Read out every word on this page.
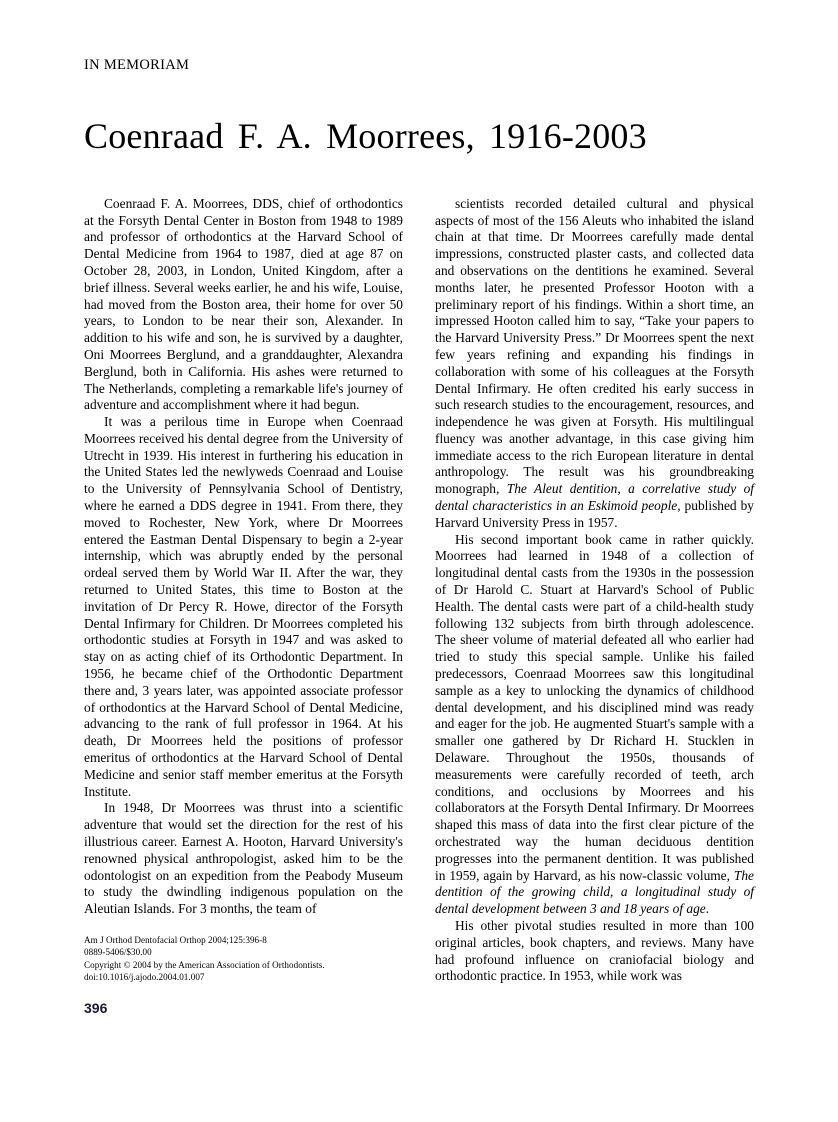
IN MEMORIAM
Coenraad F. A. Moorrees, 1916-2003

Coenraad F. A. Moorrees, DDS, chief of orthodontics at the Forsyth Dental Center in Boston from 1948 to 1989 and professor of orthodontics at the Harvard School of Dental Medicine from 1964 to 1987, died at age 87 on October 28, 2003, in London, United Kingdom, after a brief illness. Several weeks earlier, he and his wife, Louise, had moved from the Boston area, their home for over 50 years, to London to be near their son, Alexander. In addition to his wife and son, he is survived by a daughter, Oni Moorrees Berglund, and a granddaughter, Alexandra Berglund, both in California. His ashes were returned to The Netherlands, completing a remarkable life's journey of adventure and accomplishment where it had begun.

It was a perilous time in Europe when Coenraad Moorrees received his dental degree from the University of Utrecht in 1939. His interest in furthering his education in the United States led the newlyweds Coenraad and Louise to the University of Pennsylvania School of Dentistry, where he earned a DDS degree in 1941. From there, they moved to Rochester, New York, where Dr Moorrees entered the Eastman Dental Dispensary to begin a 2-year internship, which was abruptly ended by the personal ordeal served them by World War II. After the war, they returned to United States, this time to Boston at the invitation of Dr Percy R. Howe, director of the Forsyth Dental Infirmary for Children. Dr Moorrees completed his orthodontic studies at Forsyth in 1947 and was asked to stay on as acting chief of its Orthodontic Department. In 1956, he became chief of the Orthodontic Department there and, 3 years later, was appointed associate professor of orthodontics at the Harvard School of Dental Medicine, advancing to the rank of full professor in 1964. At his death, Dr Moorrees held the positions of professor emeritus of orthodontics at the Harvard School of Dental Medicine and senior staff member emeritus at the Forsyth Institute.

In 1948, Dr Moorrees was thrust into a scientific adventure that would set the direction for the rest of his illustrious career. Earnest A. Hooton, Harvard University's renowned physical anthropologist, asked him to be the odontologist on an expedition from the Peabody Museum to study the dwindling indigenous population on the Aleutian Islands. For 3 months, the team of

Am J Orthod Dentofacial Orthop 2004;125:396-8
0889-5406/$30.00
Copyright © 2004 by the American Association of Orthodontists.
doi:10.1016/j.ajodo.2004.01.007
396

scientists recorded detailed cultural and physical aspects of most of the 156 Aleuts who inhabited the island chain at that time. Dr Moorrees carefully made dental impressions, constructed plaster casts, and collected data and observations on the dentitions he examined. Several months later, he presented Professor Hooton with a preliminary report of his findings. Within a short time, an impressed Hooton called him to say, “Take your papers to the Harvard University Press.” Dr Moorrees spent the next few years refining and expanding his findings in collaboration with some of his colleagues at the Forsyth Dental Infirmary. He often credited his early success in such research studies to the encouragement, resources, and independence he was given at Forsyth. His multilingual fluency was another advantage, in this case giving him immediate access to the rich European literature in dental anthropology. The result was his groundbreaking monograph, The Aleut dentition, a correlative study of dental characteristics in an Eskimoid people, published by Harvard University Press in 1957.

His second important book came in rather quickly. Moorrees had learned in 1948 of a collection of longitudinal dental casts from the 1930s in the possession of Dr Harold C. Stuart at Harvard's School of Public Health. The dental casts were part of a child-health study following 132 subjects from birth through adolescence. The sheer volume of material defeated all who earlier had tried to study this special sample. Unlike his failed predecessors, Coenraad Moorrees saw this longitudinal sample as a key to unlocking the dynamics of childhood dental development, and his disciplined mind was ready and eager for the job. He augmented Stuart's sample with a smaller one gathered by Dr Richard H. Stucklen in Delaware. Throughout the 1950s, thousands of measurements were carefully recorded of teeth, arch conditions, and occlusions by Moorrees and his collaborators at the Forsyth Dental Infirmary. Dr Moorrees shaped this mass of data into the first clear picture of the orchestrated way the human deciduous dentition progresses into the permanent dentition. It was published in 1959, again by Harvard, as his now-classic volume, The dentition of the growing child, a longitudinal study of dental development between 3 and 18 years of age.

His other pivotal studies resulted in more than 100 original articles, book chapters, and reviews. Many have had profound influence on craniofacial biology and orthodontic practice. In 1953, while work was
